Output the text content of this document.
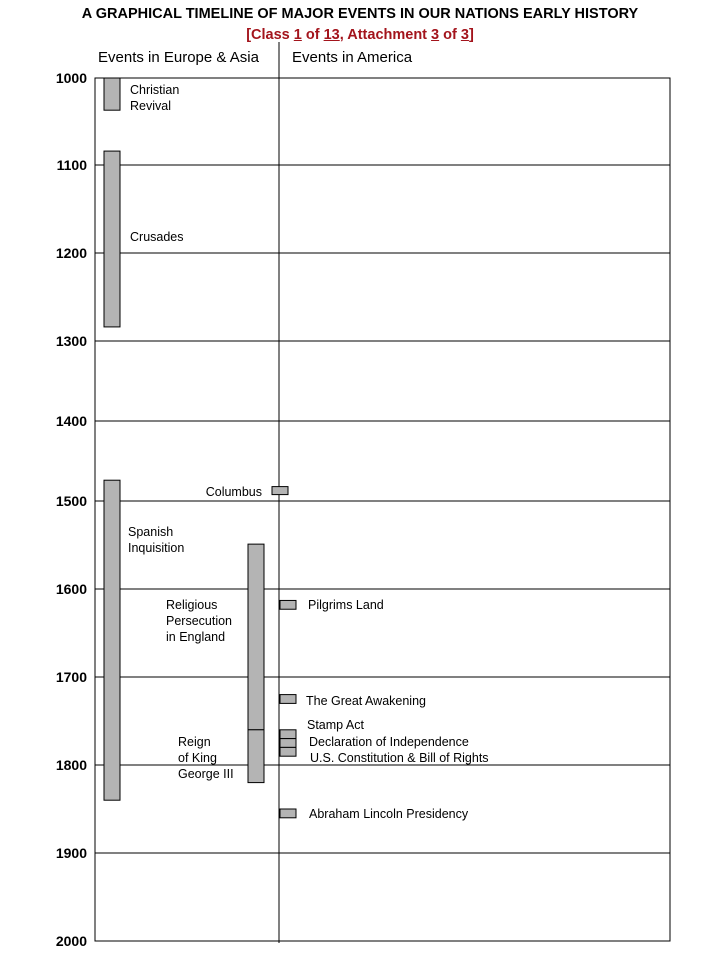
A GRAPHICAL TIMELINE OF MAJOR EVENTS IN OUR NATIONS EARLY HISTORY
[Class 1 of 13, Attachment 3 of 3]
Events in Europe & Asia Events in America
1000
1100
1200
1300
1400
1500
1600
1700
1800
1900
2000
Christian
Revival
Crusades
Spanish
Inquisition
Religious
Persecution
in England
Reign
of King
George III
Columbus
Pilgrims Land
The Great Awakening
Stamp Act
Declaration of Independence
U.S. Constitution & Bill of Rights
Abraham Lincoln Presidency
